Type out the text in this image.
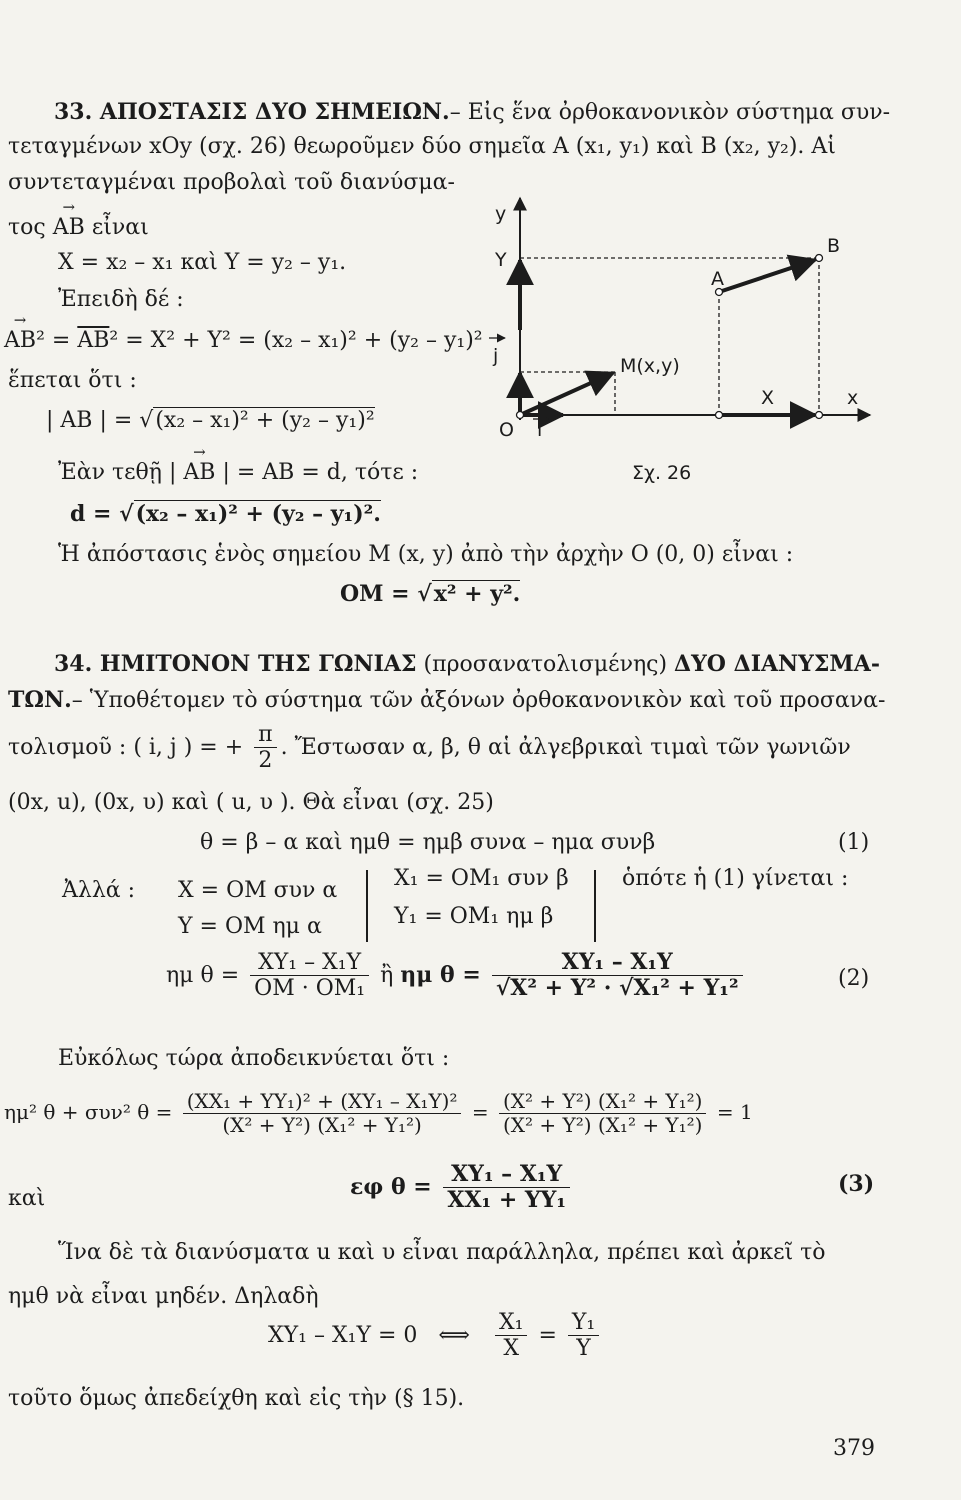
33. ΑΠΟΣΤΑΣΙΣ ΔΥΟ ΣΗΜΕΙΩΝ.– Εἰς ἕνα ὀρθοκανονικὸν σύστημα συν-
τεταγμένων xOy (σχ. 26) θεωροῦμεν δύο σημεῖα A (x₁, y₁) καὶ B (x₂, y₂). Αἱ
συντεταγμέναι προβολαὶ τοῦ διανύσμα-
τος → AB εἶναι
X = x₂ – x₁ καὶ Y = y₂ – y₁.
Ἐπειδὴ δέ :
→ $AB^2 = \overline{AB}^2 = X^2 + Y^2 = (x_2 - x_1)^2 + (y_2 - y_1)^2$
ἕπεται ὅτι :
| AB | = √(x₂ – x₁)² + (y₂ – y₁)²
Ἐὰν τεθῇ | → AB | = AB = d, τότε :
d = √(x₂ – x₁)² + (y₂ – y₁)².
Ἡ ἀπόστασις ἑνὸς σημείου M (x, y) ἀπὸ τὴν ἀρχὴν O (0, 0) εἶναι :
OM = √x² + y².
y
Y
B
A
M(x,y)
j
X	x
O i
Σχ. 26
34. ΗΜΙΤΟΝΟΝ ΤΗΣ ΓΩΝΙΑΣ (προσανατολισμένης) ΔΥΟ ΔΙΑΝΥΣΜΑ-
ΤΩΝ.– Ὑποθέτομεν τὸ σύστημα τῶν ἀξόνων ὀρθοκανονικὸν καὶ τοῦ προσανα-
τολισμοῦ : ( i, j ) = + $\frac{\pi}{2}$ . Ἔστωσαν α, β, θ αἱ ἀλγεβρικαὶ τιμαὶ τῶν γωνιῶν
(0x, u), (0x, υ) καὶ ( u, υ ). Θὰ εἶναι (σχ. 25)
θ = β – α καὶ ημθ = ημβ συνα – ημα συνβ	(1)
Ἀλλά : X = OM συν α
Y = OM ημ α
X₁ = OM₁ συν β
Y₁ = OM₁ ημ β
ὁπότε ἡ (1) γίνεται :
ημ $\theta = \frac{\text{XY₁ – X₁Y}}{\text{OM · OM₁}}$ ἢ ημ $\theta = \frac{\text{XY₁ – X₁Y}}{\text{√X² + Y² · √X₁² + Y₁²}}$	(2)
Εὐκόλως τώρα ἀποδεικνύεται ὅτι :
ημ² θ + συν² $\theta = \frac{\text{(XX₁ + YY₁)² + (XY₁ – X₁Y)²}}{\text{(X² + Y²) (X₁² + Y₁²)}} = \frac{\text{(X² + Y²) (X₁² + Y₁²)}}{\text{(X² + Y²) (X₁² + Y₁²)}} = 1$
καὶ	εφ $\theta = \frac{\text{XY₁ – X₁Y}}{\text{XX₁ + YY₁}}$	(3)
Ἵνα δὲ τὰ διανύσματα u καὶ υ εἶναι παράλληλα, πρέπει καὶ ἀρκεῖ τὸ
ημθ νὰ εἶναι μηδέν. Δηλαδὴ
XY₁ – X₁Y = 0 ⟺ $\frac{\text{X₁}}{X} = \frac{\text{Y₁}}{Y}$
τοῦτο ὅμως ἀπεδείχθη καὶ εἰς τὴν (§ 15).
379
